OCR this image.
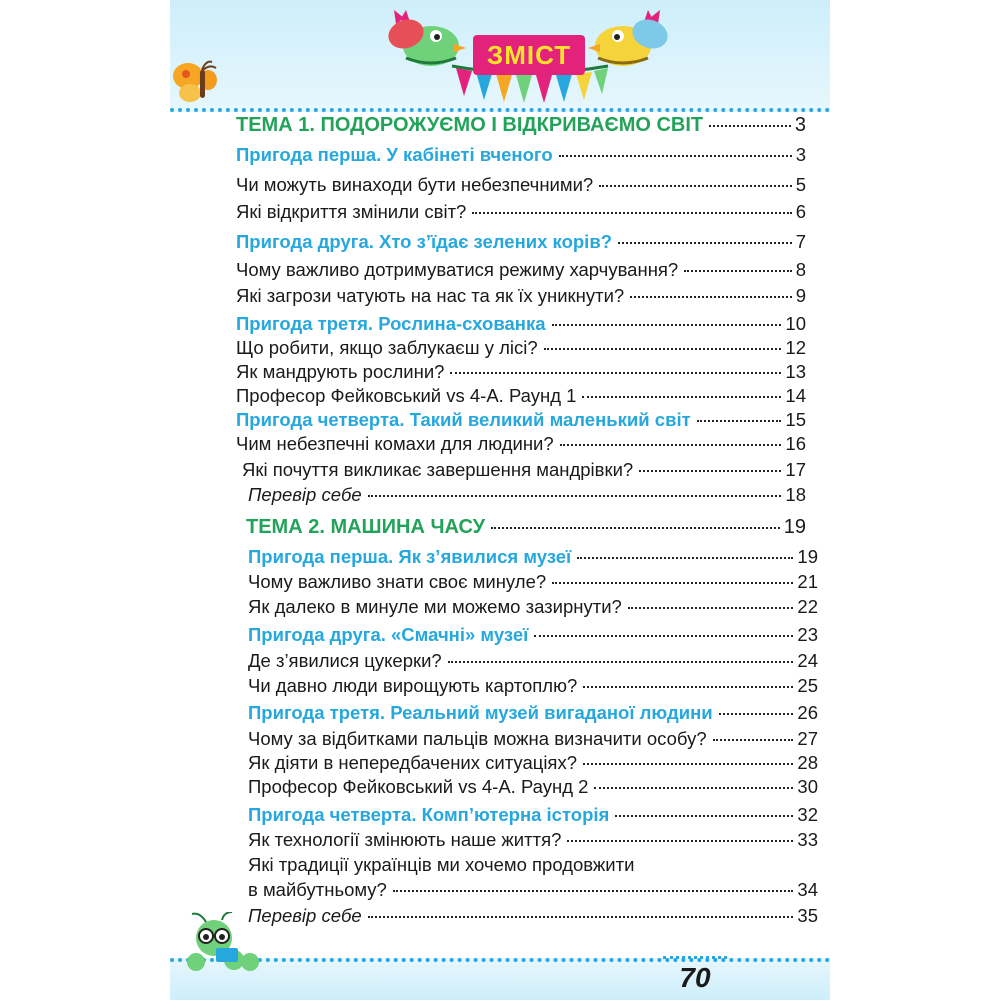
ЗМІСТ
70
ТЕМА 1. ПОДОРОЖУЄМО І ВІДКРИВАЄМО СВІТ	3
Пригода перша. У кабінеті вченого	3
Чи можуть винаходи бути небезпечними?	5
Які відкриття змінили світ?	6
Пригода друга. Хто з’їдає зелених корів?	7
Чому важливо дотримуватися режиму харчування?	8
Які загрози чатують на нас та як їх уникнути?	9
Пригода третя. Рослина-схованка	10
Що робити, якщо заблукаєш у лісі?	12
Як мандрують рослини?	13
Професор Фейковський vs 4-А. Раунд 1	14
Пригода четверта. Такий великий маленький світ	15
Чим небезпечні комахи для людини?	16
Які почуття викликає завершення мандрівки?	17
Перевір себе	18
ТЕМА 2. МАШИНА ЧАСУ	19
Пригода перша. Як з’явилися музеї	19
Чому важливо знати своє минуле?	21
Як далеко в минуле ми можемо зазирнути?	22
Пригода друга. «Смачні» музеї	23
Де з’явилися цукерки?	24
Чи давно люди вирощують картоплю?	25
Пригода третя. Реальний музей вигаданої людини	26
Чому за відбитками пальців можна визначити особу?	27
Як діяти в непередбачених ситуаціях?	28
Професор Фейковський vs 4-А. Раунд 2	30
Пригода четверта. Комп’ютерна історія	32
Як технології змінюють наше життя?	33
Які традиції українців ми хочемо продовжити
в майбутньому?	34
Перевір себе	35
